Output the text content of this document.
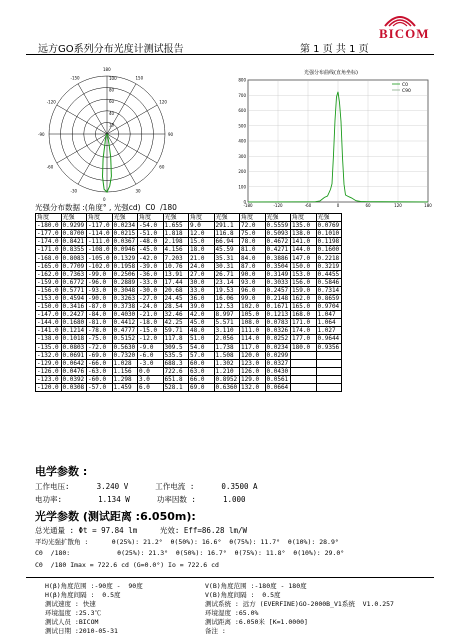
BICOM
远方GO系列分布光度计测试报告	第 1 页 共 1 页
10
40
60
80
100
0
30
60
90
120
150
180
-150
-120
-90
-60
-30
光强分布曲线(直角坐标)
0
100
200
300
400
500
600
700
800
-180	-120	-60	0	60	120	180
C0
C90
光强分布数据 :(角度° , 光强cd)  C0  /180
角度	光强	角度	光强	角度	光强	角度	光强	角度	光强	角度	光强
-180.0	0.9299	-117.0	0.0234	-54.0	1.655	9.0	291.1	72.0	0.5559	135.0	0.0769
-177.0	0.8700	-114.0	0.0215	-51.0	1.818	12.0	116.8	75.0	0.5093	138.0	0.1010
-174.0	0.8421	-111.0	0.0367	-48.0	2.198	15.0	66.94	78.0	0.4672	141.0	0.1198
-171.0	0.8355	-108.0	0.0946	-45.0	4.156	18.0	45.59	81.0	0.4271	144.0	0.1600
-168.0	0.8083	-105.0	0.1329	-42.0	7.203	21.0	35.31	84.0	0.3886	147.0	0.2218
-165.0	0.7709	-102.0	0.1958	-39.0	10.76	24.0	30.31	87.0	0.3504	150.0	0.3219
-162.0	0.7363	-99.0	0.2506	-36.0	13.91	27.0	26.71	90.0	0.3149	153.0	0.4455
-159.0	0.6772	-96.0	0.2889	-33.0	17.44	30.0	23.14	93.0	0.3033	156.0	0.5846
-156.0	0.5771	-93.0	0.3048	-30.0	20.68	33.0	19.53	96.0	0.2457	159.0	0.7314
-153.0	0.4594	-90.0	0.3263	-27.0	24.45	36.0	16.06	99.0	0.2148	162.0	0.8659
-150.0	0.3416	-87.0	0.3738	-24.0	28.54	39.0	12.53	102.0	0.1671	165.0	0.9704
-147.0	0.2427	-84.0	0.4030	-21.0	32.46	42.0	8.997	105.0	0.1213	168.0	1.047
-144.0	0.1680	-81.0	0.4412	-18.0	42.25	45.0	5.571	108.0	0.0783	171.0	1.064
-141.0	0.1214	-78.0	0.4777	-15.0	59.71	48.0	3.110	111.0	0.0326	174.0	1.027
-138.0	0.1018	-75.0	0.5152	-12.0	117.8	51.0	2.056	114.0	0.0252	177.0	0.9644
-135.0	0.0803	-72.0	0.5630	-9.0	309.5	54.0	1.738	117.0	0.0234	180.0	0.9356
-132.0	0.0691	-69.0	0.7320	-6.0	535.5	57.0	1.508	120.0	0.0299		
-129.0	0.0642	-66.0	1.028	-3.0	688.3	60.0	1.302	123.0	0.0327		
-126.0	0.0476	-63.0	1.156	0.0	722.6	63.0	1.210	126.0	0.0430		
-123.0	0.0392	-60.0	1.298	3.0	651.8	66.0	0.8952	129.0	0.0561		
-120.0	0.0308	-57.0	1.459	6.0	528.1	69.0	0.6360	132.0	0.0664		
电学参数 :
工作电压:      3.240 V      工作电流 :      0.3500 A
电功率:        1.134 W      功率因数 :      1.000
光学参数 (测试距离 :6.050m):
总光通量 : Φt = 97.84 lm     光效: Eff=86.28 lm/W
平均光强扩散角 :      θ(25%): 21.2°  θ(50%): 16.6°  θ(75%): 11.7°  θ(10%): 28.9°
C0  /180:            θ(25%): 21.3°  θ(50%): 16.7°  θ(75%): 11.8°  θ(10%): 29.0°
C0  /180 Imax = 722.6 cd (G=0.0°) Io = 722.6 cd
H(β)角度范围 :-90度 -  90度
H(β)角度间隔 :  0.5度
测试速度 : 快速
环境温度 :25.3℃
测试人员 :BICOM
测试日期 :2010-05-31
V(B)角度范围 :-180度 - 180度
V(B)角度间隔 :  0.5度
测试系统 : 远方 (EVERFINE)GO-2000B_V1系统  V1.0.257
环境湿度 :65.0%
测试距离 :6.050米 [K=1.0000]
备注 :
